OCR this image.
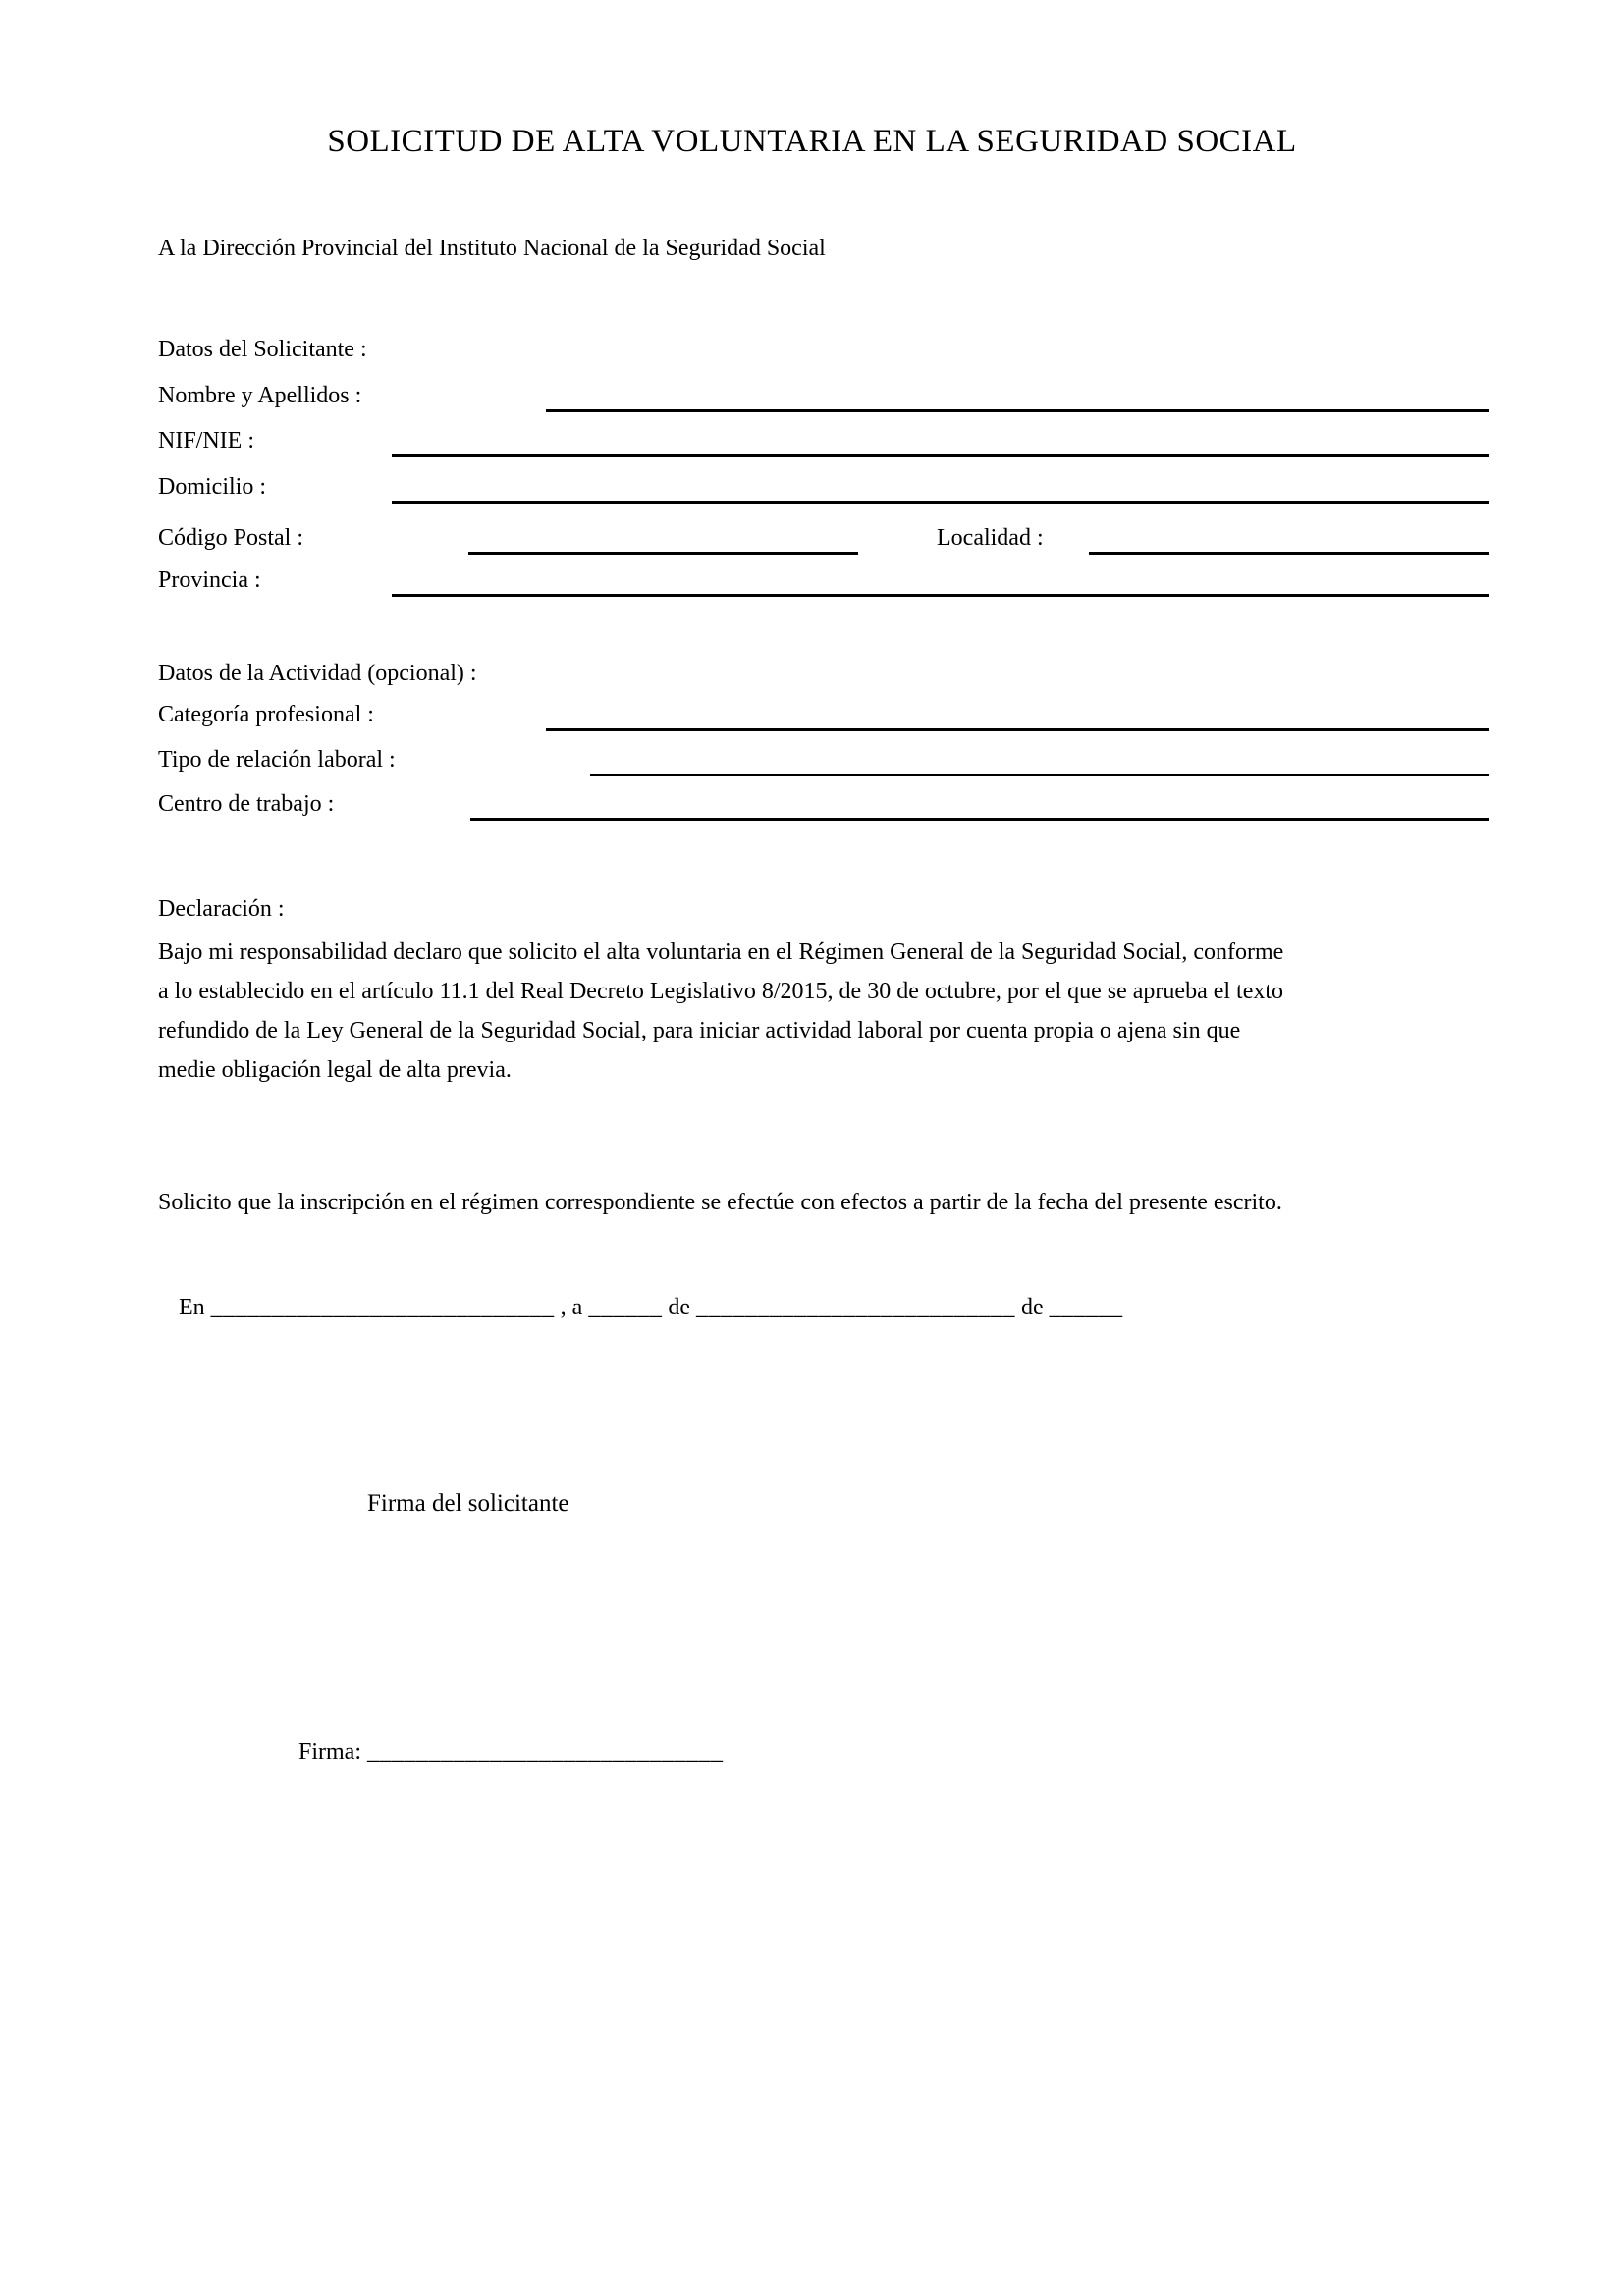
SOLICITUD DE ALTA VOLUNTARIA EN LA SEGURIDAD SOCIAL
A la Dirección Provincial del Instituto Nacional de la Seguridad Social
Datos del Solicitante :
Nombre y Apellidos :
NIF/NIE :
Domicilio :
Código Postal :	Localidad :
Provincia :
Datos de la Actividad (opcional) :
Categoría profesional :
Tipo de relación laboral :
Centro de trabajo :
Declaración :
Bajo mi responsabilidad declaro que solicito el alta voluntaria en el Régimen General de la Seguridad Social, conforme
a lo establecido en el artículo 11.1 del Real Decreto Legislativo 8/2015, de 30 de octubre, por el que se aprueba el texto
refundido de la Ley General de la Seguridad Social, para iniciar actividad laboral por cuenta propia o ajena sin que
medie obligación legal de alta previa.
Solicito que la inscripción en el régimen correspondiente se efectúe con efectos a partir de la fecha del presente escrito.

En ____________________________ , a ______ de __________________________ de ______

Firma del solicitante

Firma: _____________________________
